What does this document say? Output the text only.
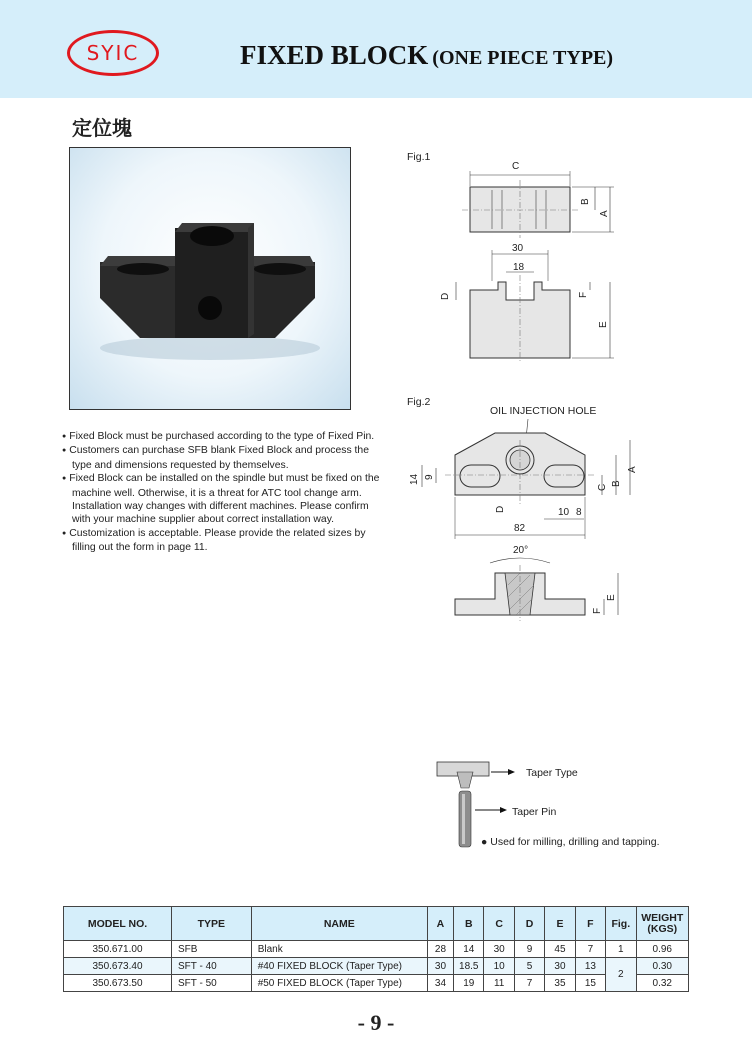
SYIC	FIXED BLOCK (ONE PIECE TYPE)
定位塊
● Fixed Block must be purchased according to the type of Fixed Pin.
● Customers can purchase SFB blank Fixed Block and process the type and dimensions requested by themselves.
● Fixed Block can be installed on the spindle but must be fixed on the machine well. Otherwise, it is a threat for ATC tool change arm. Installation way changes with different machines. Please confirm with your machine supplier about correct installation way.
● Customization is acceptable. Please provide the related sizes by filling out the form in page 11.
Fig.1
C
B
A
30
18
D	F
E
Fig.2
OIL INJECTION HOLE
14 9
A
B
C
D	10 8
82
20°
F
E
Taper Type
Taper Pin
● Used for milling, drilling and tapping.
MODEL NO.	TYPE	NAME	A	B	C	D	E	F	Fig.	WEIGHT (KGS)
350.671.00	SFB	Blank	28	14	30	9	45	7	1	0.96
350.673.40	SFT - 40	#40 FIXED BLOCK (Taper Type)	30	18.5	10	5	30	13	2	0.30
350.673.50	SFT - 50	#50 FIXED BLOCK (Taper Type)	34	19	11	7	35	15		0.32
- 9 -
